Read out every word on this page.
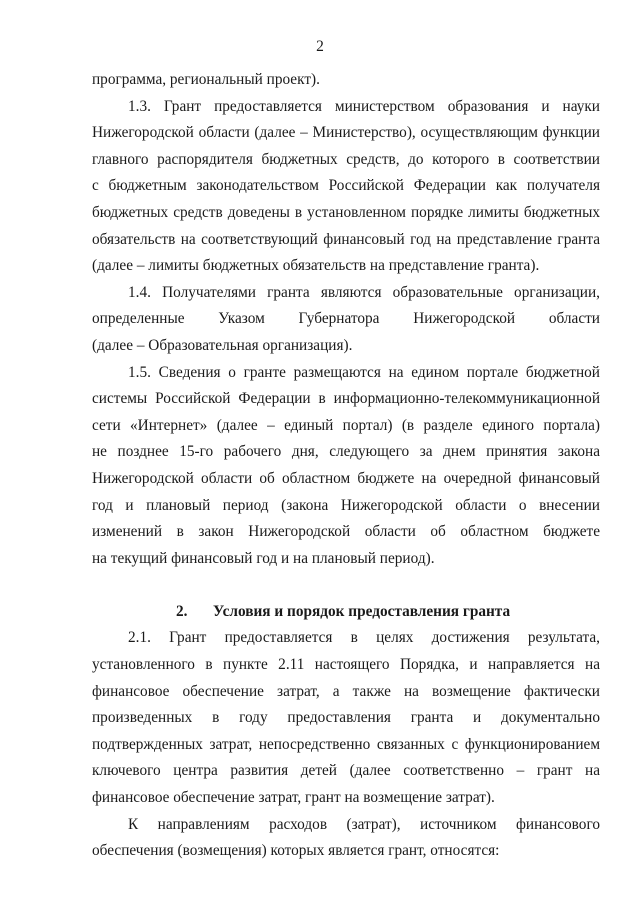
2

программа, региональный проект).
1.3. Грант предоставляется министерством образования и науки
Нижегородской области (далее – Министерство), осуществляющим функции
главного распорядителя бюджетных средств, до которого в соответствии
с бюджетным законодательством Российской Федерации как получателя
бюджетных средств доведены в установленном порядке лимиты бюджетных
обязательств на соответствующий финансовый год на представление гранта
(далее – лимиты бюджетных обязательств на представление гранта).
1.4. Получателями гранта являются образовательные организации,
определенные Указом Губернатора Нижегородской области
(далее – Образовательная организация).
1.5. Сведения о гранте размещаются на едином портале бюджетной
системы Российской Федерации в информационно-телекоммуникационной
сети «Интернет» (далее – единый портал) (в разделе единого портала)
не позднее 15-го рабочего дня, следующего за днем принятия закона
Нижегородской области об областном бюджете на очередной финансовый
год и плановый период (закона Нижегородской области о внесении
изменений в закон Нижегородской области об областном бюджете
на текущий финансовый год и на плановый период).
2. Условия и порядок предоставления гранта
2.1. Грант предоставляется в целях достижения результата,
установленного в пункте 2.11 настоящего Порядка, и направляется на
финансовое обеспечение затрат, а также на возмещение фактически
произведенных в году предоставления гранта и документально
подтвержденных затрат, непосредственно связанных с функционированием
ключевого центра развития детей (далее соответственно – грант на
финансовое обеспечение затрат, грант на возмещение затрат).
К направлениям расходов (затрат), источником финансового
обеспечения (возмещения) которых является грант, относятся:
